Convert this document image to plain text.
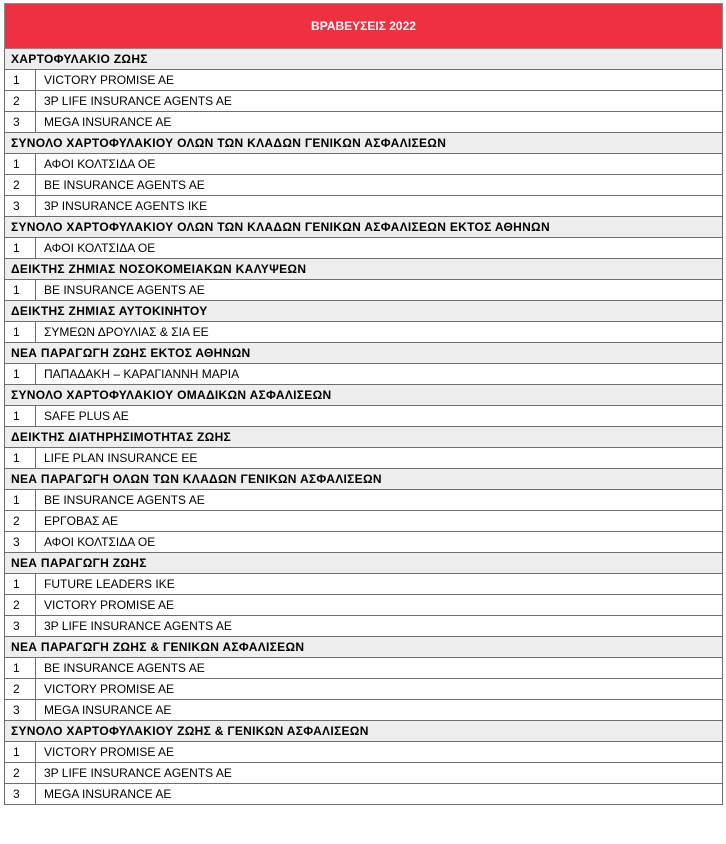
ΒΡΑΒΕΥΣΕΙΣ 2022	
ΧΑΡΤΟΦΥΛΑΚΙΟ ΖΩΗΣ	
1	VICTORY PROMISE AE
2	3P LIFE INSURANCE AGENTS AE
3	MEGA INSURANCE AE
ΣΥΝΟΛΟ ΧΑΡΤΟΦΥΛΑΚΙΟΥ ΟΛΩΝ ΤΩΝ ΚΛΑΔΩΝ ΓΕΝΙΚΩΝ ΑΣΦΑΛΙΣΕΩΝ	
1	ΑΦΟΙ ΚΟΛΤΣΙΔΑ ΟΕ
2	BE INSURANCE AGENTS AE
3	3P INSURANCE AGENTS IKE
ΣΥΝΟΛΟ ΧΑΡΤΟΦΥΛΑΚΙΟΥ ΟΛΩΝ ΤΩΝ ΚΛΑΔΩΝ ΓΕΝΙΚΩΝ ΑΣΦΑΛΙΣΕΩΝ ΕΚΤΟΣ ΑΘΗΝΩΝ	
1	ΑΦΟΙ ΚΟΛΤΣΙΔΑ ΟΕ
ΔΕΙΚΤΗΣ ΖΗΜΙΑΣ ΝΟΣΟΚΟΜΕΙΑΚΩΝ ΚΑΛΥΨΕΩΝ	
1	BE INSURANCE AGENTS AE
ΔΕΙΚΤΗΣ ΖΗΜΙΑΣ ΑΥΤΟΚΙΝΗΤΟΥ	
1	ΣΥΜΕΩΝ ΔΡΟΥΛΙΑΣ & ΣΙΑ ΕΕ
ΝΕΑ ΠΑΡΑΓΩΓΗ ΖΩΗΣ ΕΚΤΟΣ ΑΘΗΝΩΝ	
1	ΠΑΠΑΔΑΚΗ – ΚΑΡΑΓΙΑΝΝΗ ΜΑΡΙΑ
ΣΥΝΟΛΟ ΧΑΡΤΟΦΥΛΑΚΙΟΥ ΟΜΑΔΙΚΩΝ ΑΣΦΑΛΙΣΕΩΝ	
1	SAFE PLUS AE
ΔΕΙΚΤΗΣ ΔΙΑΤΗΡΗΣΙΜΟΤΗΤΑΣ ΖΩΗΣ	
1	LIFE PLAN INSURANCE EE
ΝΕΑ ΠΑΡΑΓΩΓΗ ΟΛΩΝ ΤΩΝ ΚΛΑΔΩΝ ΓΕΝΙΚΩΝ ΑΣΦΑΛΙΣΕΩΝ	
1	BE INSURANCE AGENTS AE
2	ΕΡΓΟΒΑΣ ΑΕ
3	ΑΦΟΙ ΚΟΛΤΣΙΔΑ ΟΕ
ΝΕΑ ΠΑΡΑΓΩΓΗ ΖΩΗΣ	
1	FUTURE LEADERS IKE
2	VICTORY PROMISE AE
3	3P LIFE INSURANCE AGENTS AE
ΝΕΑ ΠΑΡΑΓΩΓΗ ΖΩΗΣ & ΓΕΝΙΚΩΝ ΑΣΦΑΛΙΣΕΩΝ	
1	BE INSURANCE AGENTS AE
2	VICTORY PROMISE AE
3	MEGA INSURANCE AE
ΣΥΝΟΛΟ ΧΑΡΤΟΦΥΛΑΚΙΟΥ ΖΩΗΣ & ΓΕΝΙΚΩΝ ΑΣΦΑΛΙΣΕΩΝ	
1	VICTORY PROMISE AE
2	3P LIFE INSURANCE AGENTS AE
3	MEGA INSURANCE AE
